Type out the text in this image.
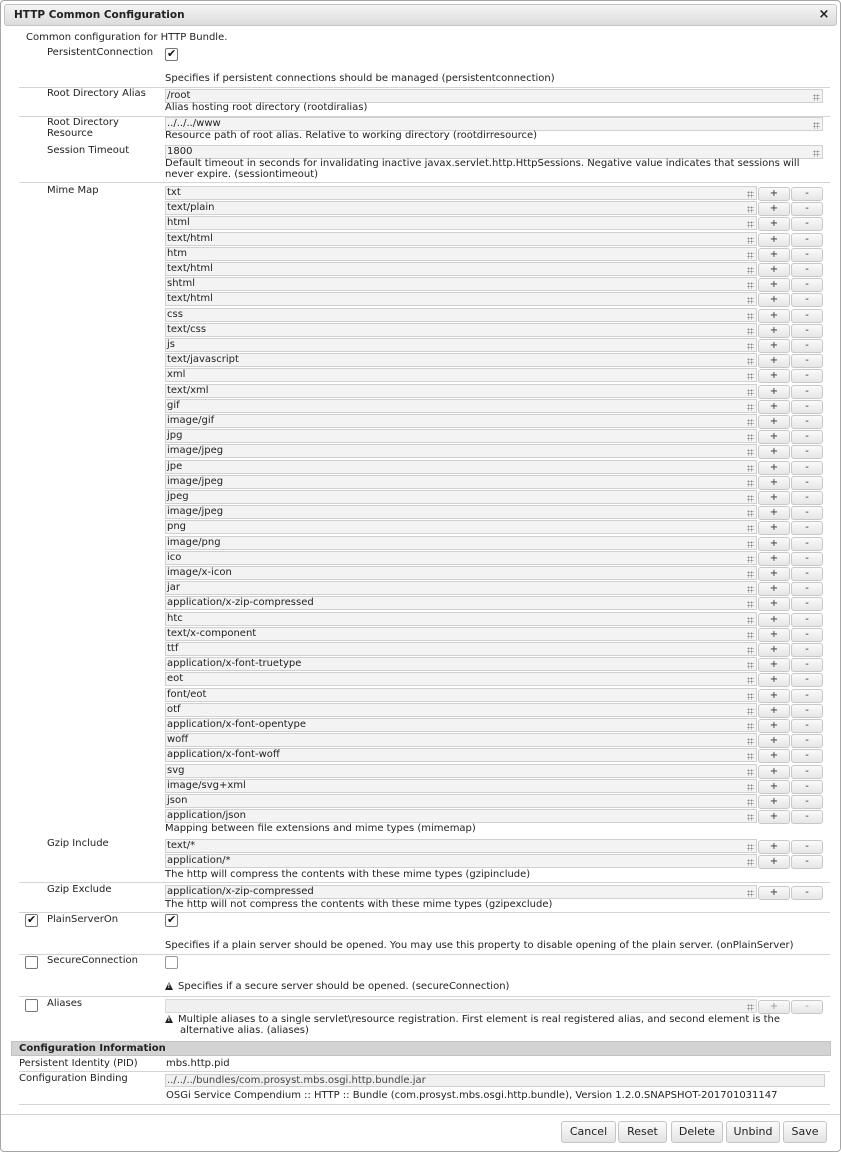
HTTP Common Configuration	×
Common configuration for HTTP Bundle.
PersistentConnection
✔
Specifies if persistent connections should be managed (persistentconnection)
Root Directory Alias /root
Alias hosting root directory (rootdiralias)
Root Directory
Resource
../../../www
Resource path of root alias. Relative to working directory (rootdirresource)
Session Timeout	1800
Default timeout in seconds for invalidating inactive javax.servlet.http.HttpSessions. Negative value indicates that sessions will
never expire. (sessiontimeout)
Mime Map	txt	+	-
text/plain	+	-
html	+	-
text/html	+	-
htm	+	-
text/html	+	-
shtml	+	-
text/html	+	-
css	+	-
text/css	+	-
js	+	-
text/javascript	+	-
xml	+	-
text/xml	+	-
gif	+	-
image/gif	+	-
jpg	+	-
image/jpeg	+	-
jpe	+	-
image/jpeg	+	-
jpeg	+	-
image/jpeg	+	-
png	+	-
image/png	+	-
ico	+	-
image/x-icon	+	-
jar	+	-
application/x-zip-compressed	+	-
htc	+	-
text/x-component	+	-
ttf	+	-
application/x-font-truetype	+	-
eot	+	-
font/eot	+	-
otf	+	-
application/x-font-opentype	+	-
woff	+	-
application/x-font-woff	+	-
svg	+	-
image/svg+xml	+	-
json	+	-
application/json	+	-
Mapping between file extensions and mime types (mimemap)
Gzip Include	text/*	+	-
application/*	+	-
The http will compress the contents with these mime types (gzipinclude)
Gzip Exclude	application/x-zip-compressed	+	-
The http will not compress the contents with these mime types (gzipexclude)
✔
PlainServerOn
✔
Specifies if a plain server should be opened. You may use this property to disable opening of the plain server. (onPlainServer)
SecureConnection
!Specifies if a secure server should be opened. (secureConnection)
Aliases	+	-
!Multiple aliases to a single servlet\resource registration. First element is real registered alias, and second element is the
alternative alias. (aliases)
Configuration Information
Persistent Identity (PID)	mbs.http.pid
Configuration Binding	../../../bundles/com.prosyst.mbs.osgi.http.bundle.jar
OSGi Service Compendium :: HTTP :: Bundle (com.prosyst.mbs.osgi.http.bundle), Version 1.2.0.SNAPSHOT-201701031147
Cancel	Reset	Delete	Unbind	Save
